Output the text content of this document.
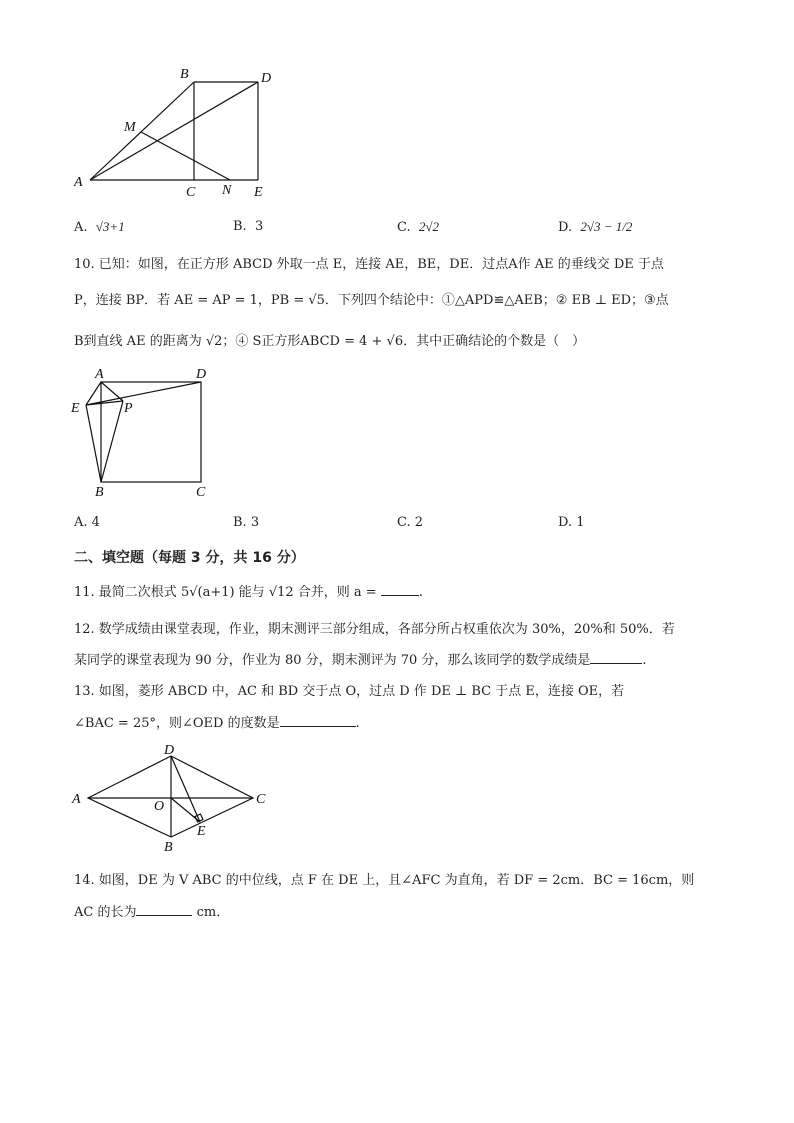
B	D
M
A
C N E
A. √3+1	B. 3	C. 2√2	D. 2√3 − 1/2
10. 已知：如图，在正方形 ABCD 外取一点 E，连接 AE，BE，DE．过点A作 AE 的垂线交 DE 于点
P，连接 BP．若 AE = AP = 1，PB = √5．下列四个结论中：①△APD≌△AEB；② EB ⊥ ED；③点
B到直线 AE 的距离为 √2；④ S正方形ABCD = 4 + √6．其中正确结论的个数是（　）
A	D
E	P
B	C
A. 4	B. 3	C. 2	D. 1
二、填空题（每题 3 分，共 16 分）
11. 最简二次根式 5√(a+1) 能与 √12 合并，则 a =	.
12. 数学成绩由课堂表现，作业，期末测评三部分组成，各部分所占权重依次为 30%，20%和 50%．若
某同学的课堂表现为 90 分，作业为 80 分，期末测评为 70 分，那么该同学的数学成绩是	.
13. 如图，菱形 ABCD 中，AC 和 BD 交于点 O，过点 D 作 DE ⊥ BC 于点 E，连接 OE，若
∠BAC = 25°，则∠OED 的度数是	.
D
A	C
O
E
B
14. 如图，DE 为 V ABC 的中位线，点 F 在 DE 上，且∠AFC 为直角，若 DF = 2cm．BC = 16cm，则
AC 的长为	cm．
